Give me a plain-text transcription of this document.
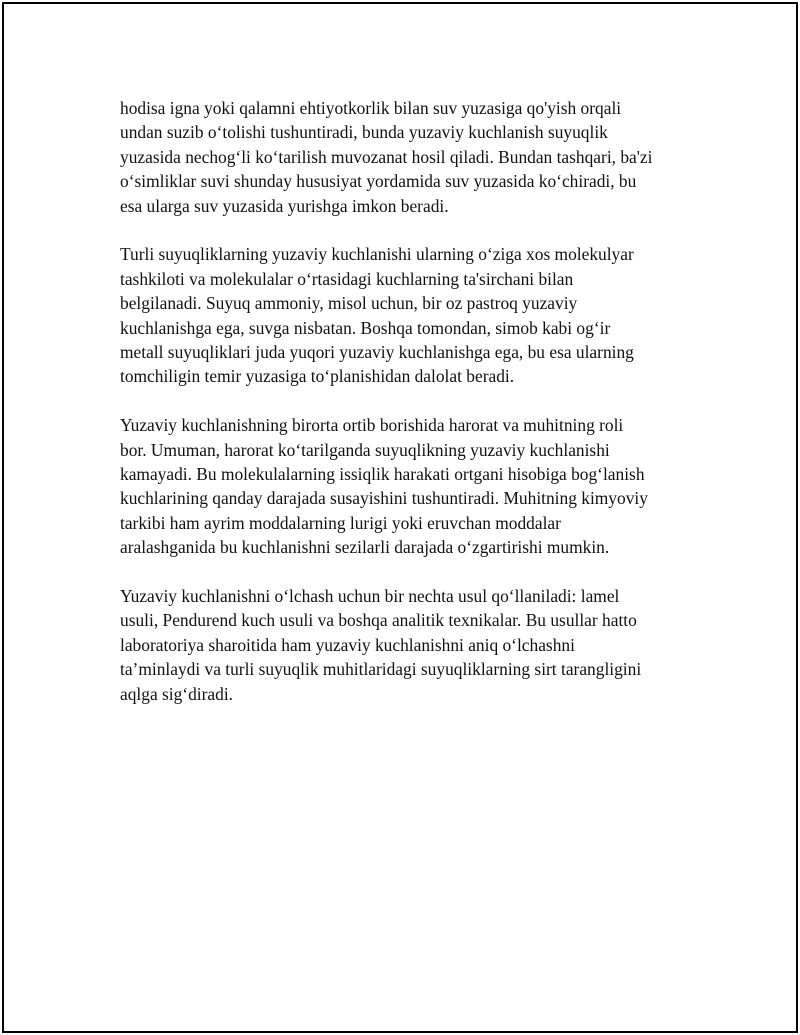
hodisa igna yoki qalamni ehtiyotkorlik bilan suv yuzasiga qo'yish orqali
undan suzib o‘tolishi tushuntiradi, bunda yuzaviy kuchlanish suyuqlik
yuzasida nechog‘li ko‘tarilish muvozanat hosil qiladi. Bundan tashqari, ba'zi
o‘simliklar suvi shunday hususiyat yordamida suv yuzasida ko‘chiradi, bu
esa ularga suv yuzasida yurishga imkon beradi.

Turli suyuqliklarning yuzaviy kuchlanishi ularning o‘ziga xos molekulyar
tashkiloti va molekulalar o‘rtasidagi kuchlarning ta'sirchani bilan
belgilanadi. Suyuq ammoniy, misol uchun, bir oz pastroq yuzaviy
kuchlanishga ega, suvga nisbatan. Boshqa tomondan, simob kabi og‘ir
metall suyuqliklari juda yuqori yuzaviy kuchlanishga ega, bu esa ularning
tomchiligin temir yuzasiga to‘planishidan dalolat beradi.

Yuzaviy kuchlanishning birorta ortib borishida harorat va muhitning roli
bor. Umuman, harorat ko‘tarilganda suyuqlikning yuzaviy kuchlanishi
kamayadi. Bu molekulalarning issiqlik harakati ortgani hisobiga bog‘lanish
kuchlarining qanday darajada susayishini tushuntiradi. Muhitning kimyoviy
tarkibi ham ayrim moddalarning lurigi yoki eruvchan moddalar
aralashganida bu kuchlanishni sezilarli darajada o‘zgartirishi mumkin.

Yuzaviy kuchlanishni o‘lchash uchun bir nechta usul qo‘llaniladi: lamel
usuli, Pendurend kuch usuli va boshqa analitik texnikalar. Bu usullar hatto
laboratoriya sharoitida ham yuzaviy kuchlanishni aniq o‘lchashni
ta’minlaydi va turli suyuqlik muhitlaridagi suyuqliklarning sirt tarangligini
aqlga sig‘diradi.
